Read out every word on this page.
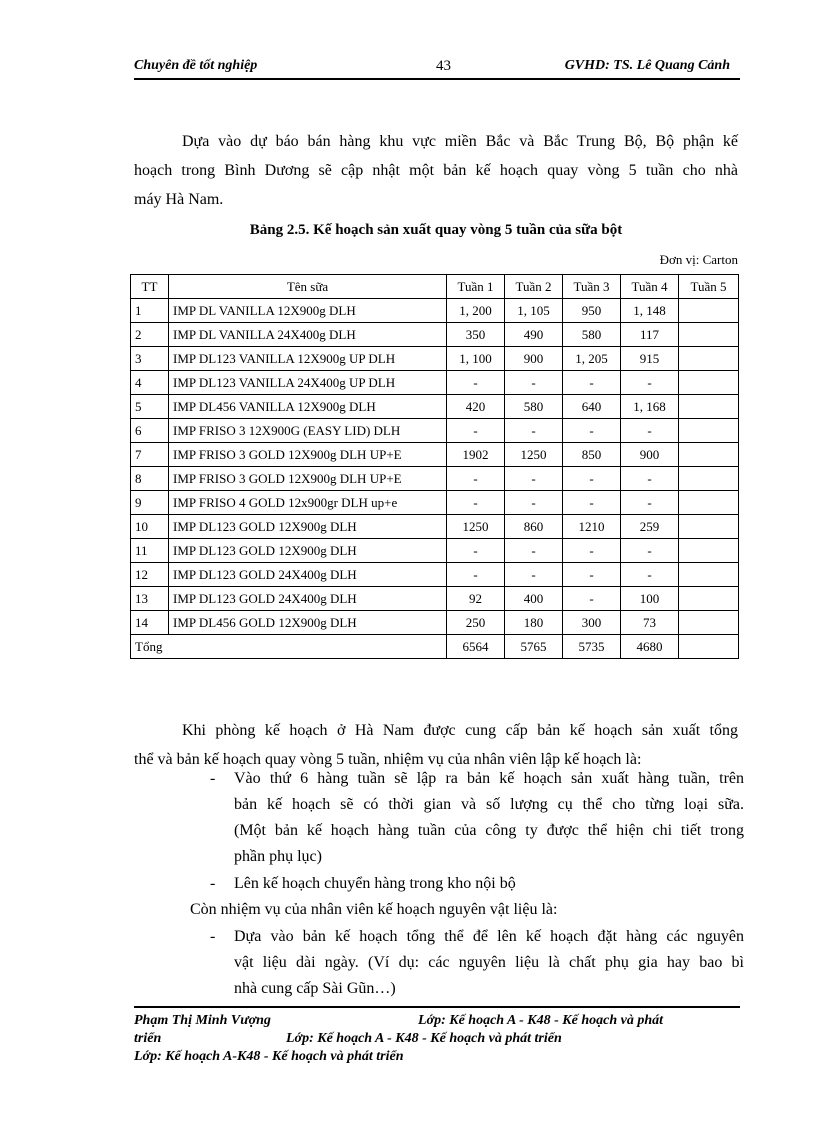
Chuyên đề tốt nghiệp	43	GVHD: TS. Lê Quang Cảnh

Dựa vào dự báo bán hàng khu vực miền Bắc và Bắc Trung Bộ, Bộ phận kế

hoạch trong Bình Dương sẽ cập nhật một bản kế hoạch quay vòng 5 tuần cho nhà

máy Hà Nam.

Bảng 2.5. Kế hoạch sản xuất quay vòng 5 tuần của sữa bột
Đơn vị: Carton
TT	Tên sữa	Tuần 1	Tuần 2	Tuần 3	Tuần 4	Tuần 5
1	IMP DL VANILLA 12X900g DLH	1, 200	1, 105	950	1, 148	
2	IMP DL VANILLA 24X400g DLH	350	490	580	117	
3	IMP DL123 VANILLA 12X900g UP DLH	1, 100	900	1, 205	915	
4	IMP DL123 VANILLA 24X400g UP DLH	-	-	-	-	
5	IMP DL456 VANILLA 12X900g DLH	420	580	640	1, 168	
6	IMP FRISO 3 12X900G (EASY LID) DLH	-	-	-	-	
7	IMP FRISO 3 GOLD 12X900g DLH UP+E	1902	1250	850	900	
8	IMP FRISO 3 GOLD 12X900g DLH UP+E	-	-	-	-	
9	IMP FRISO 4 GOLD 12x900gr DLH up+e	-	-	-	-	
10	IMP DL123 GOLD 12X900g DLH	1250	860	1210	259	
11	IMP DL123 GOLD 12X900g DLH	-	-	-	-	
12	IMP DL123 GOLD 24X400g DLH	-	-	-	-	
13	IMP DL123 GOLD 24X400g DLH	92	400	-	100	
14	IMP DL456 GOLD 12X900g DLH	250	180	300	73	
Tổng		6564	5765	5735	4680	

Khi phòng kế hoạch ở Hà Nam được cung cấp bản kế hoạch sản xuất tổng

thể và bản kế hoạch quay vòng 5 tuần, nhiệm vụ của nhân viên lập kế hoạch là:

- Vào thứ 6 hàng tuần sẽ lập ra bản kế hoạch sản xuất hàng tuần, trên

bản kế hoạch sẽ có thời gian và số lượng cụ thể cho từng loại sữa.

(Một bản kế hoạch hàng tuần của công ty được thể hiện chi tiết trong

phần phụ lục)

- Lên kế hoạch chuyển hàng trong kho nội bộ

Còn nhiệm vụ của nhân viên kế hoạch nguyên vật liệu là:
- Dựa vào bản kế hoạch tổng thể để lên kế hoạch đặt hàng các nguyên

vật liệu dài ngày. (Ví dụ: các nguyên liệu là chất phụ gia hay bao bì

nhà cung cấp Sài Gũn…)

Phạm Thị Minh Vượng	Lớp: Kế hoạch A - K48 - Kế hoạch và phát
triển	Lớp: Kế hoạch A - K48 - Kế hoạch và phát triển
Lớp: Kế hoạch A-K48 - Kế hoạch và phát triển
